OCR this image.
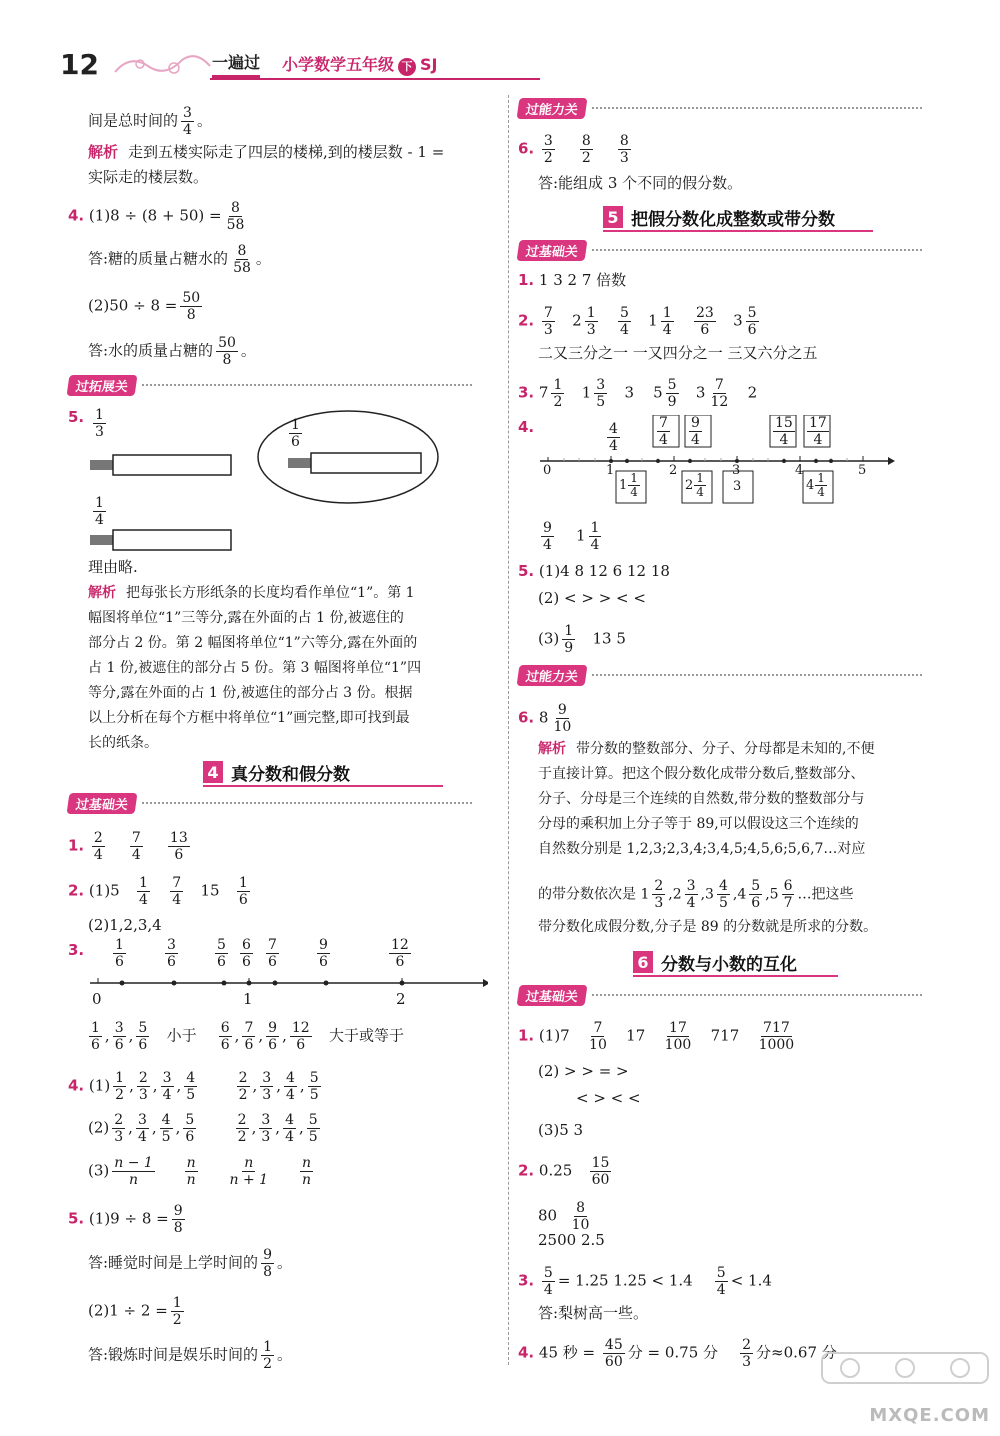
12	一遍过 小学数学五年级 下 SJ
间是总时间的 $\frac{3}{4}$ 。
解析 走到五楼实际走了四层的楼梯,到的楼层数 - 1 =
实际走的楼层数。
4. $(1)8 \div (8 + 50) = \frac{8}{58}$
答:糖的质量占糖水的 $\frac{8}{58}$ 。
$(2)50 \div 8 = \frac{50}{8}$
答:水的质量占糖的 $\frac{50}{8}$ 。
过拓展关
5. $\frac{1}{3}$	$\frac{1}{6}$
$\frac{1}{4}$
理由略.
解析 把每张长方形纸条的长度均看作单位“1”。第 1
幅图将单位“1”三等分,露在外面的占 1 份,被遮住的
部分占 2 份。第 2 幅图将单位“1”六等分,露在外面的
占 1 份,被遮住的部分占 5 份。第 3 幅图将单位“1”四
等分,露在外面的占 1 份,被遮住的部分占 3 份。根据
以上分析在每个方框中将单位“1”画完整,即可找到最
长的纸条。
4 真分数和假分数
过基础关
1. $\frac{2}{4}$
$\frac{7}{4}$
$\frac{13}{6}$
2. $(1)5 \frac{1}{4}$
$\frac{7}{4} 15 \frac{1}{6}$
(2)1,2,3,4
3. $\frac{1}{6}$	$\frac{3}{6}$	$\frac{5}{6} \frac{6}{6} \frac{7}{6}$	$\frac{9}{6}$	$\frac{12}{6}$
0	1	2
$\frac{1}{6}$ , $\frac{3}{6}$ , $\frac{5}{6}$ 小于 $\frac{6}{6}$ , $\frac{7}{6}$ , $\frac{9}{6}$ , $\frac{12}{6}$ 大于或等于
4. $(1) \frac{1}{2}$ , $\frac{2}{3}$ , $\frac{3}{4}$ , $\frac{4}{5}$
	$\frac{2}{2}$ , $\frac{3}{3}$ , $\frac{4}{4}$ , $\frac{5}{5}$
$(2) \frac{2}{3}$ , $\frac{3}{4}$ , $\frac{4}{5}$ , $\frac{5}{6}$
	$\frac{2}{2}$ , $\frac{3}{3}$ , $\frac{4}{4}$ , $\frac{5}{5}$
$(3) \frac{n - 1}{n}$
$\frac{n}{n}$
$\frac{n}{n + 1}$
$\frac{n}{n}$
5. $(1)9 \div 8 = \frac{9}{8}$
答:睡觉时间是上学时间的 $\frac{9}{8}$ 。
$(2)1 \div 2 = \frac{1}{2}$
答:锻炼时间是娱乐时间的 $\frac{1}{2}$ 。
过能力关
6. $\frac{3}{2}$
$\frac{8}{2}$
$\frac{8}{3}$
答:能组成 3 个不同的假分数。
5 把假分数化成整数或带分数
过基础关
1. 1 3 2 7 倍数
2. $\frac{7}{3} 2 \frac{1}{3}$
$\frac{5}{4} 1 \frac{1}{4}$
$\frac{23}{6} 3 \frac{5}{6}$
二又三分之一 一又四分之一 三又六分之五
3. $7 \frac{1}{2} 1 \frac{3}{5} 3$ $5 \frac{5}{9} 3 \frac{7}{12} 2$
4.	$\frac{4}{4}$	$\frac{7}{4} \frac{9}{4}$	$\frac{15}{4} \frac{17}{4}$
0	1	2	3	4	5
$1 \frac{1}{4}$	$2 \frac{1}{4} 3$	$4 \frac{1}{4}$
$\frac{9}{4} 1 \frac{1}{4}$
5. (1)4 8 12 6 12 18
(2) < > > < <
$(3) \frac{1}{9} 13$ 5
过能力关
6. $8 \frac{9}{10}$
解析 带分数的整数部分、分子、分母都是未知的,不便
于直接计算。把这个假分数化成带分数后,整数部分、
分子、分母是三个连续的自然数,带分数的整数部分与
分母的乘积加上分子等于 89,可以假设这三个连续的
自然数分别是 1,2,3;2,3,4;3,4,5;4,5,6;5,6,7…对应
的带分数依次是 $1 \frac{2}{3} ,2 \frac{3}{4} ,3 \frac{4}{5} ,4 \frac{5}{6} ,5 \frac{6}{7}$ …把这些
带分数化成假分数,分子是 89 的分数就是所求的分数。
6 分数与小数的互化
过基础关
1. $(1)7 \frac{7}{10} 17 \frac{17}{100} 717 \frac{717}{1000}$
(2) > > = >
< > < <
(3)5 3
2. $0.25 \frac{15}{60}$
$80 \frac{8}{10}$
2500 2.5
3. $\frac{5}{4} = 1.25$ $1.25 < 1.4 \frac{5}{4} < 1.4$
答:梨树高一些。
4. 45 秒 = $\frac{45}{60}$ 分 = 0.75 分 $\frac{2}{3}$ 分≈0.67 分
MXQE.COM
